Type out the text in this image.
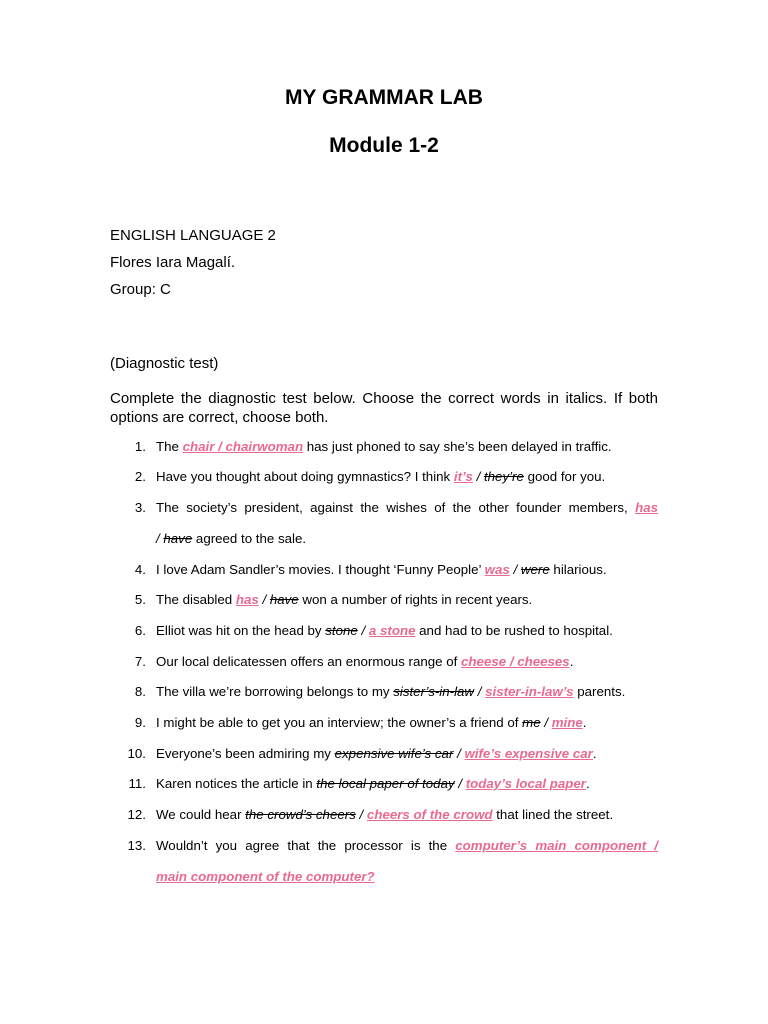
MY GRAMMAR LAB
Module 1-2

ENGLISH LANGUAGE 2

Flores Iara Magalí.

Group: C

(Diagnostic test)

Complete the diagnostic test below. Choose the correct words in italics. If both options are correct, choose both.

1. The chair / chairwoman has just phoned to say she’s been delayed in traffic.
2. Have you thought about doing gymnastics? I think it’s / they’re good for you.
3. The society’s president, against the wishes of the other founder members, has
/ have agreed to the sale.
4. I love Adam Sandler’s movies. I thought ‘Funny People’ was / were hilarious.
5. The disabled has / have won a number of rights in recent years.
6. Elliot was hit on the head by stone / a stone and had to be rushed to hospital.
7. Our local delicatessen offers an enormous range of cheese / cheeses.
8. The villa we’re borrowing belongs to my sister’s-in-law / sister-in-law’s parents.
9. I might be able to get you an interview; the owner’s a friend of me / mine.
10. Everyone’s been admiring my expensive wife’s car / wife’s expensive car.
11. Karen notices the article in the local paper of today / today’s local paper.
12. We could hear the crowd’s cheers / cheers of the crowd that lined the street.
13. Wouldn’t you agree that the processor is the computer’s main component /
main component of the computer?
